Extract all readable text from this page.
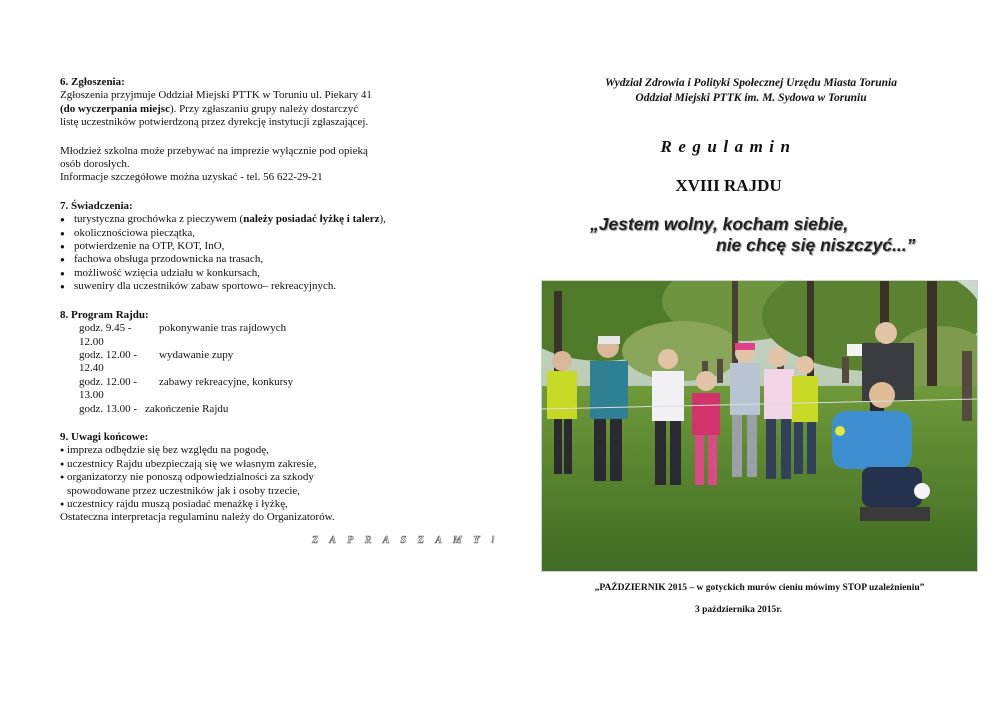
6. Zgłoszenia:

Zgłoszenia przyjmuje Oddział Miejski PTTK w Toruniu ul. Piekary 41

(do wyczerpania miejsc). Przy zgłaszaniu grupy należy dostarczyć

listę uczestników potwierdzoną przez dyrekcję instytucji zgłaszającej.

Młodzież szkolna może przebywać na imprezie wyłącznie pod opieką

osób dorosłych.

Informacje szczegółowe można uzyskać - tel. 56 622-29-21

7. Świadczenia:

● turystyczna grochówka z pieczywem (należy posiadać łyżkę i talerz),
● okolicznościowa pieczątka,
● potwierdzenie na OTP, KOT, InO,
● fachowa obsługa przodownicka na trasach,
● możliwość wzięcia udziału w konkursach,
● suweniry dla uczestników zabaw sportowo– rekreacyjnych.

8. Program Rajdu:

godz. 9.45 - 12.00
pokonywanie tras rajdowych
godz. 12.00 - 12.40
wydawanie zupy
godz. 12.00 - 13.00
zabawy rekreacyjne, konkursy
godz. 13.00 - zakończenie Rajdu

9. Uwagi końcowe:

● impreza odbędzie się bez względu na pogodę,
● uczestnicy Rajdu ubezpieczają się we własnym zakresie,
● organizatorzy nie ponoszą odpowiedzialności za szkody
spowodowane przez uczestników jak i osoby trzecie,
● uczestnicy rajdu muszą posiadać menażkę i łyżkę,

Ostateczna interpretacja regulaminu należy do Organizatorów.

Z A P R A S Z A M Y !
Wydział Zdrowia i Polityki Społecznej Urzędu Miasta Torunia
Oddział Miejski PTTK im. M. Sydowa w Toruniu
Regulamin
XVIII RAJDU
„Jestem wolny, kocham siebie,
nie chcę się niszczyć...”
„PAŹDZIERNIK 2015 – w gotyckich murów cieniu mówimy STOP uzależnieniu”
3 października 2015r.
